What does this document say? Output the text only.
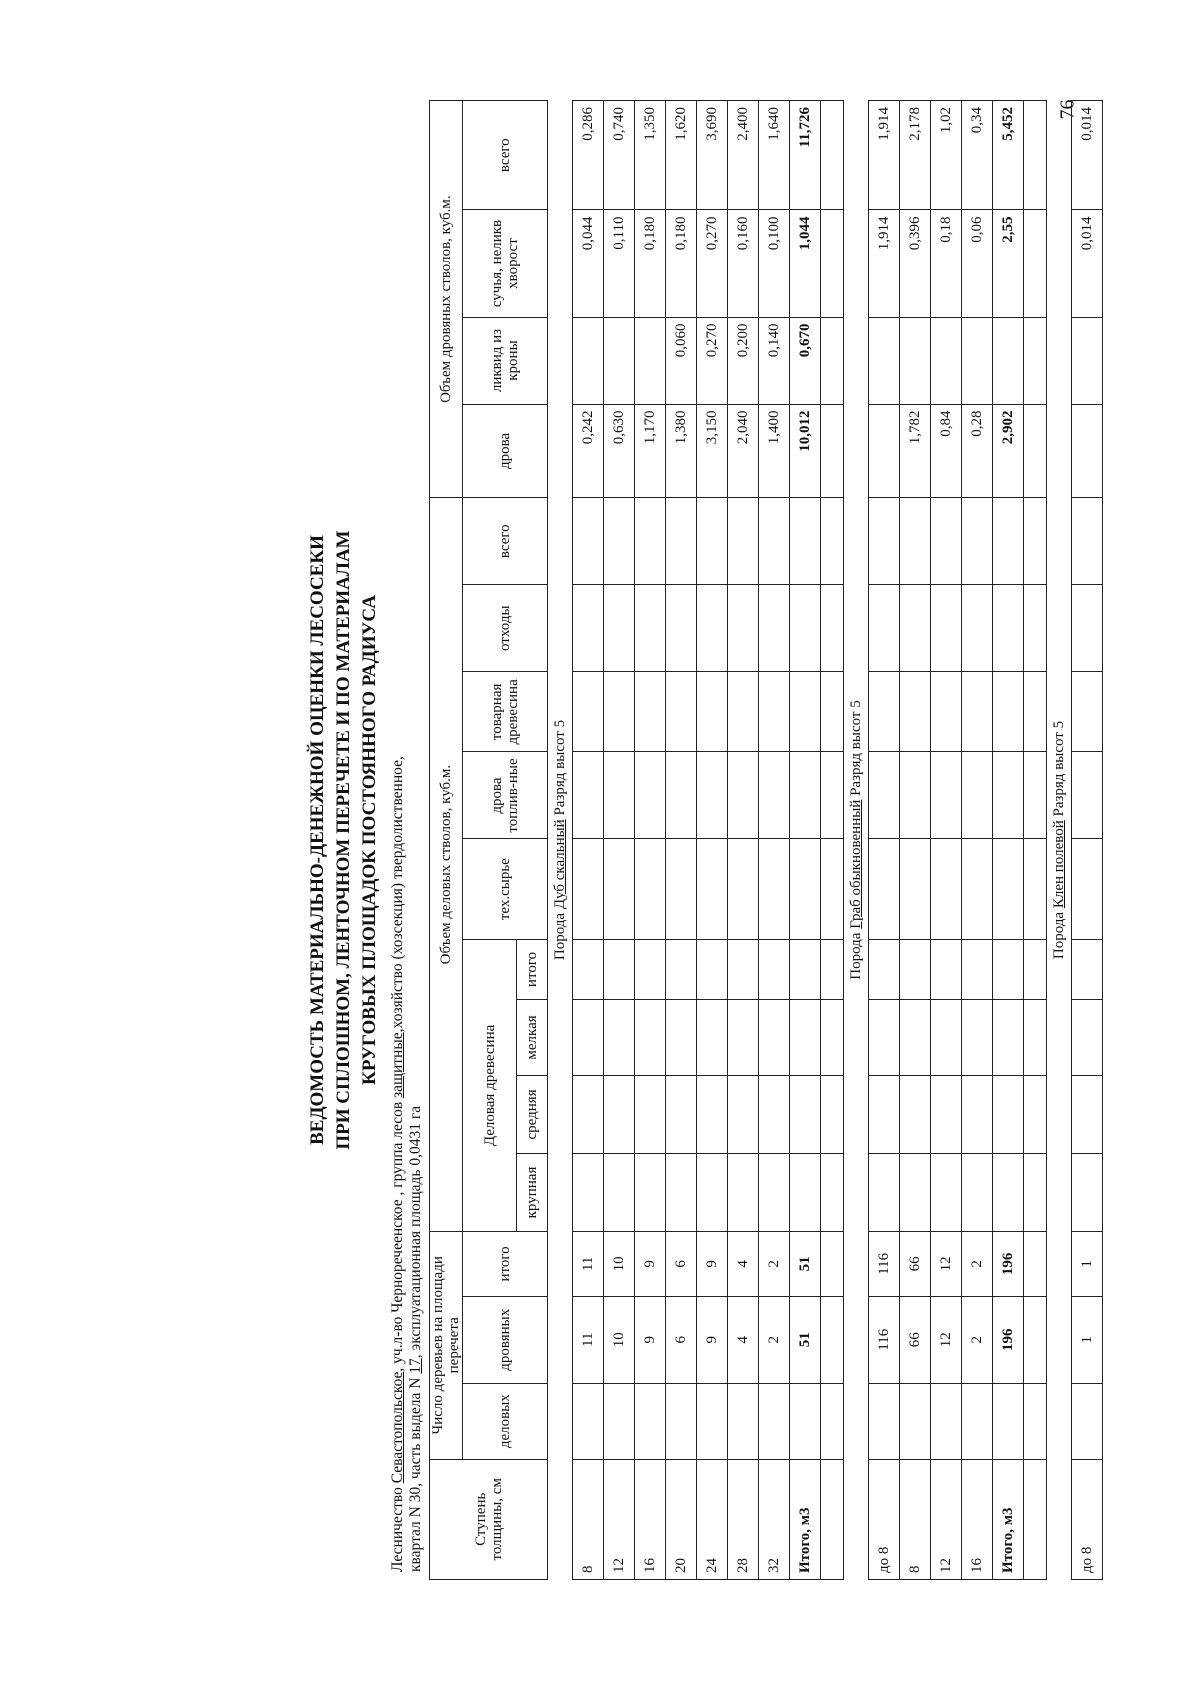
76
ВЕДОМОСТЬ МАТЕРИАЛЬНО-ДЕНЕЖНОЙ ОЦЕНКИ ЛЕСОСЕКИ ПРИ СПЛОШНОМ, ЛЕНТОЧНОМ ПЕРЕЧЕТЕ И ПО МАТЕРИАЛАМ КРУГОВЫХ ПЛОЩАДОК ПОСТОЯННОГО РАДИУСА
Лесничество Севастопольское, уч.л-во Черноречеенское , группа лесов защитные,хозяйство (хозсекция) твердолиственное,
квартал N 30, часть выдела N 17, эксплуатационная площадь 0,0431 га
Ступень толщины, см	Число деревьев на площади перечета			Объем деловых стволов, куб.м.									Объем дровяных стволов, куб.м.			
	деловых	дровяных	итого	Деловая древесина				тех.сырье	дрова топлив-ные	товарная древесина	отходы	всего	дрова	ликвид из кроны	сучья, неликв хворост	всего
				крупная	средняя	мелкая	итого									
Порода Дуб скальный Разряд высот 5																
8		11	11										0,242		0,044	0,286
12		10	10										0,630		0,110	0,740
16		9	9										1,170		0,180	1,350
20		6	6										1,380	0,060	0,180	1,620
24		9	9										3,150	0,270	0,270	3,690
28		4	4										2,040	0,200	0,160	2,400
32		2	2										1,400	0,140	0,100	1,640
Итого, м3		51	51										10,012	0,670	1,044	11,726

Порода Граб обыкновенный Разряд высот 5																
до 8		116	116												1,914	1,914
8		66	66										1,782		0,396	2,178
12		12	12										0,84		0,18	1,02
16		2	2										0,28		0,06	0,34
Итого, м3		196	196										2,902		2,55	5,452

Порода Клен полевой Разряд высот 5																
до 8		1	1												0,014	0,014
